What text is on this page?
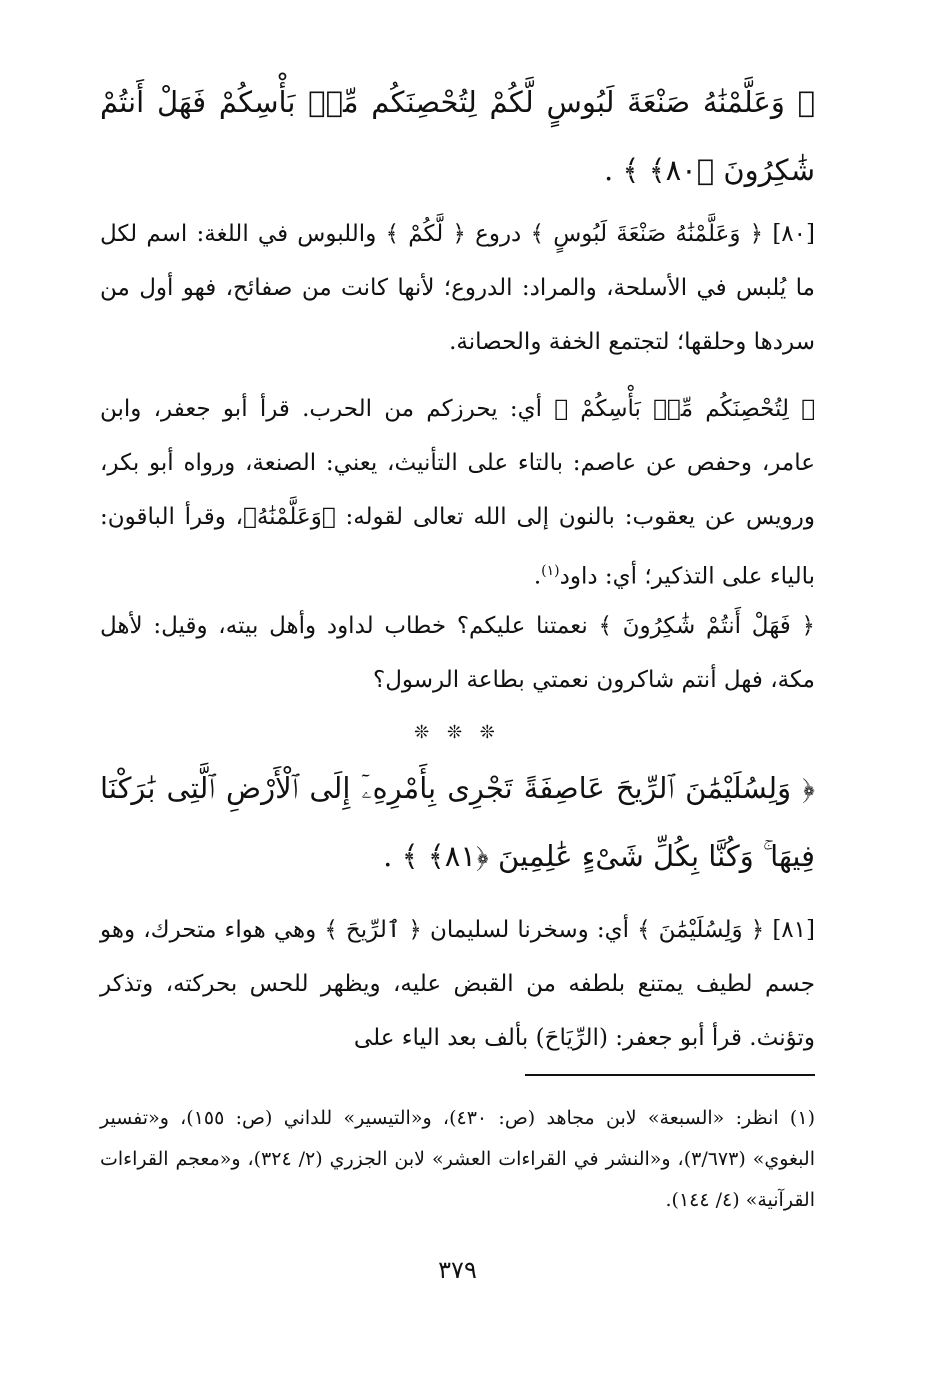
﴿ وَعَلَّمْنَٰهُ صَنْعَةَ لَبُوسٍ لَّكُمْ لِتُحْصِنَكُم مِّنۢ بَأْسِكُمْ فَهَلْ أَنتُمْ شَٰكِرُونَ ﴿٨٠﴾ ﴾ .
[٨٠] ﴿ وَعَلَّمْنَٰهُ صَنْعَةَ لَبُوسٍ ﴾ دروع ﴿ لَّكُمْ ﴾ واللبوس في اللغة: اسم لكل ما يُلبس في الأسلحة، والمراد: الدروع؛ لأنها كانت من صفائح، فهو أول من سردها وحلقها؛ لتجتمع الخفة والحصانة.
﴿ لِتُحْصِنَكُم مِّنۢ بَأْسِكُمْ ﴾ أي: يحرزكم من الحرب. قرأ أبو جعفر، وابن عامر، وحفص عن عاصم: بالتاء على التأنيث، يعني: الصنعة، ورواه أبو بكر، ورويس عن يعقوب: بالنون إلى الله تعالى لقوله: ﴿وَعَلَّمْنَٰهُ﴾، وقرأ الباقون: بالياء على التذكير؛ أي: داود$^{(١)}$.
﴿ فَهَلْ أَنتُمْ شَٰكِرُونَ ﴾ نعمتنا عليكم؟ خطاب لداود وأهل بيته، وقيل: لأهل مكة، فهل أنتم شاكرون نعمتي بطاعة الرسول؟
❊ ❊ ❊
﴿ وَلِسُلَيْمَٰنَ ٱلرِّيحَ عَاصِفَةً تَجْرِى بِأَمْرِهِۦٓ إِلَى ٱلْأَرْضِ ٱلَّتِى بَٰرَكْنَا فِيهَا ۚ وَكُنَّا بِكُلِّ شَىْءٍ عَٰلِمِينَ ﴿٨١﴾ ﴾ .
[٨١] ﴿ وَلِسُلَيْمَٰنَ ﴾ أي: وسخرنا لسليمان ﴿ ٱلرِّيحَ ﴾ وهي هواء متحرك، وهو جسم لطيف يمتنع بلطفه من القبض عليه، ويظهر للحس بحركته، وتذكر وتؤنث. قرأ أبو جعفر: (الرِّيَاحَ) بألف بعد الياء على
(١) انظر: «السبعة» لابن مجاهد (ص: ٤٣٠)، و«التيسير» للداني (ص: ١٥٥)، و«تفسير البغوي» (٣/٦٧٣)، و«النشر في القراءات العشر» لابن الجزري (٢/ ٣٢٤)، و«معجم القراءات القرآنية» (٤/ ١٤٤).
٣٧٩
